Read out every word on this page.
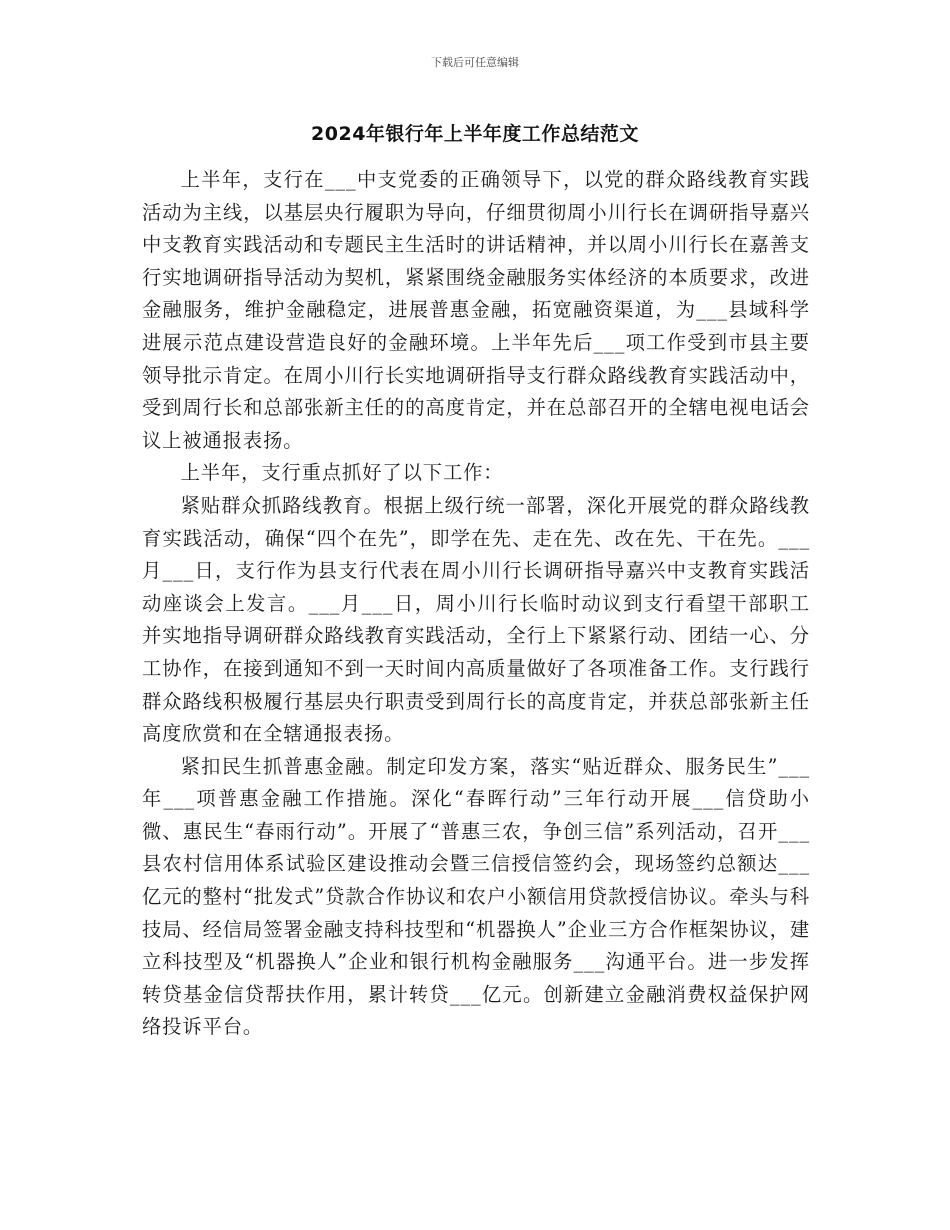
下载后可任意编辑
2024年银行年上半年度工作总结范文

上半年，支行在___中支党委的正确领导下，以党的群众路线教育实践活动为主线，以基层央行履职为导向，仔细贯彻周小川行长在调研指导嘉兴中支教育实践活动和专题民主生活时的讲话精神，并以周小川行长在嘉善支行实地调研指导活动为契机，紧紧围绕金融服务实体经济的本质要求，改进金融服务，维护金融稳定，进展普惠金融，拓宽融资渠道，为___县域科学进展示范点建设营造良好的金融环境。上半年先后___项工作受到市县主要领导批示肯定。在周小川行长实地调研指导支行群众路线教育实践活动中，受到周行长和总部张新主任的的高度肯定，并在总部召开的全辖电视电话会议上被通报表扬。

上半年，支行重点抓好了以下工作：

紧贴群众抓路线教育。根据上级行统一部署，深化开展党的群众路线教育实践活动，确保“四个在先”，即学在先、走在先、改在先、干在先。___月___日，支行作为县支行代表在周小川行长调研指导嘉兴中支教育实践活动座谈会上发言。___月___日，周小川行长临时动议到支行看望干部职工并实地指导调研群众路线教育实践活动，全行上下紧紧行动、团结一心、分工协作，在接到通知不到一天时间内高质量做好了各项准备工作。支行践行群众路线积极履行基层央行职责受到周行长的高度肯定，并获总部张新主任高度欣赏和在全辖通报表扬。

紧扣民生抓普惠金融。制定印发方案，落实“贴近群众、服务民生”___年___项普惠金融工作措施。深化“春晖行动”三年行动开展___信贷助小微、惠民生“春雨行动”。开展了“普惠三农，争创三信”系列活动，召开___县农村信用体系试验区建设推动会暨三信授信签约会，现场签约总额达___亿元的整村“批发式”贷款合作协议和农户小额信用贷款授信协议。牵头与科技局、经信局签署金融支持科技型和“机器换人”企业三方合作框架协议，建立科技型及“机器换人”企业和银行机构金融服务___沟通平台。进一步发挥转贷基金信贷帮扶作用，累计转贷___亿元。创新建立金融消费权益保护网络投诉平台。
